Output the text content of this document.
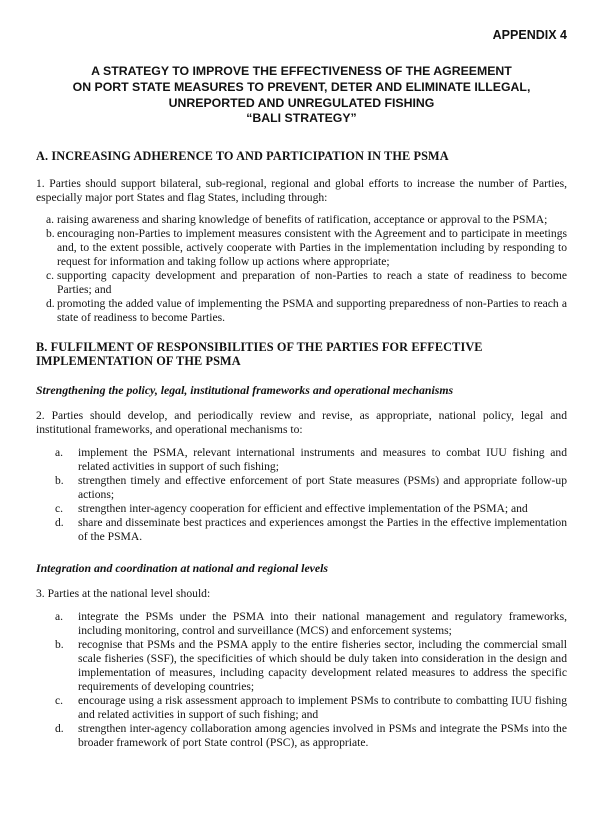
APPENDIX 4
A STRATEGY TO IMPROVE THE EFFECTIVENESS OF THE AGREEMENT
ON PORT STATE MEASURES TO PREVENT, DETER AND ELIMINATE ILLEGAL,
UNREPORTED AND UNREGULATED FISHING
“BALI STRATEGY”
A. INCREASING ADHERENCE TO AND PARTICIPATION IN THE PSMA

1. Parties should support bilateral, sub-regional, regional and global efforts to increase the number of Parties, especially major port States and flag States, including through:

a. raising awareness and sharing knowledge of benefits of ratification, acceptance or approval to the PSMA;
b. encouraging non-Parties to implement measures consistent with the Agreement and to participate in meetings and, to the extent possible, actively cooperate with Parties in the implementation including by responding to request for information and taking follow up actions where appropriate;
c. supporting capacity development and preparation of non-Parties to reach a state of readiness to become Parties; and
d. promoting the added value of implementing the PSMA and supporting preparedness of non-Parties to reach a state of readiness to become Parties.
B. FULFILMENT OF RESPONSIBILITIES OF THE PARTIES FOR EFFECTIVE IMPLEMENTATION OF THE PSMA
Strengthening the policy, legal, institutional frameworks and operational mechanisms

2. Parties should develop, and periodically review and revise, as appropriate, national policy, legal and institutional frameworks, and operational mechanisms to:

a. implement the PSMA, relevant international instruments and measures to combat IUU fishing and related activities in support of such fishing;
b. strengthen timely and effective enforcement of port State measures (PSMs) and appropriate follow-up actions;
c. strengthen inter-agency cooperation for efficient and effective implementation of the PSMA; and
d. share and disseminate best practices and experiences amongst the Parties in the effective implementation of the PSMA.
Integration and coordination at national and regional levels

3. Parties at the national level should:

a. integrate the PSMs under the PSMA into their national management and regulatory frameworks, including monitoring, control and surveillance (MCS) and enforcement systems;
b. recognise that PSMs and the PSMA apply to the entire fisheries sector, including the commercial small scale fisheries (SSF), the specificities of which should be duly taken into consideration in the design and implementation of measures, including capacity development related measures to address the specific requirements of developing countries;
c. encourage using a risk assessment approach to implement PSMs to contribute to combatting IUU fishing and related activities in support of such fishing; and
d. strengthen inter-agency collaboration among agencies involved in PSMs and integrate the PSMs into the broader framework of port State control (PSC), as appropriate.
